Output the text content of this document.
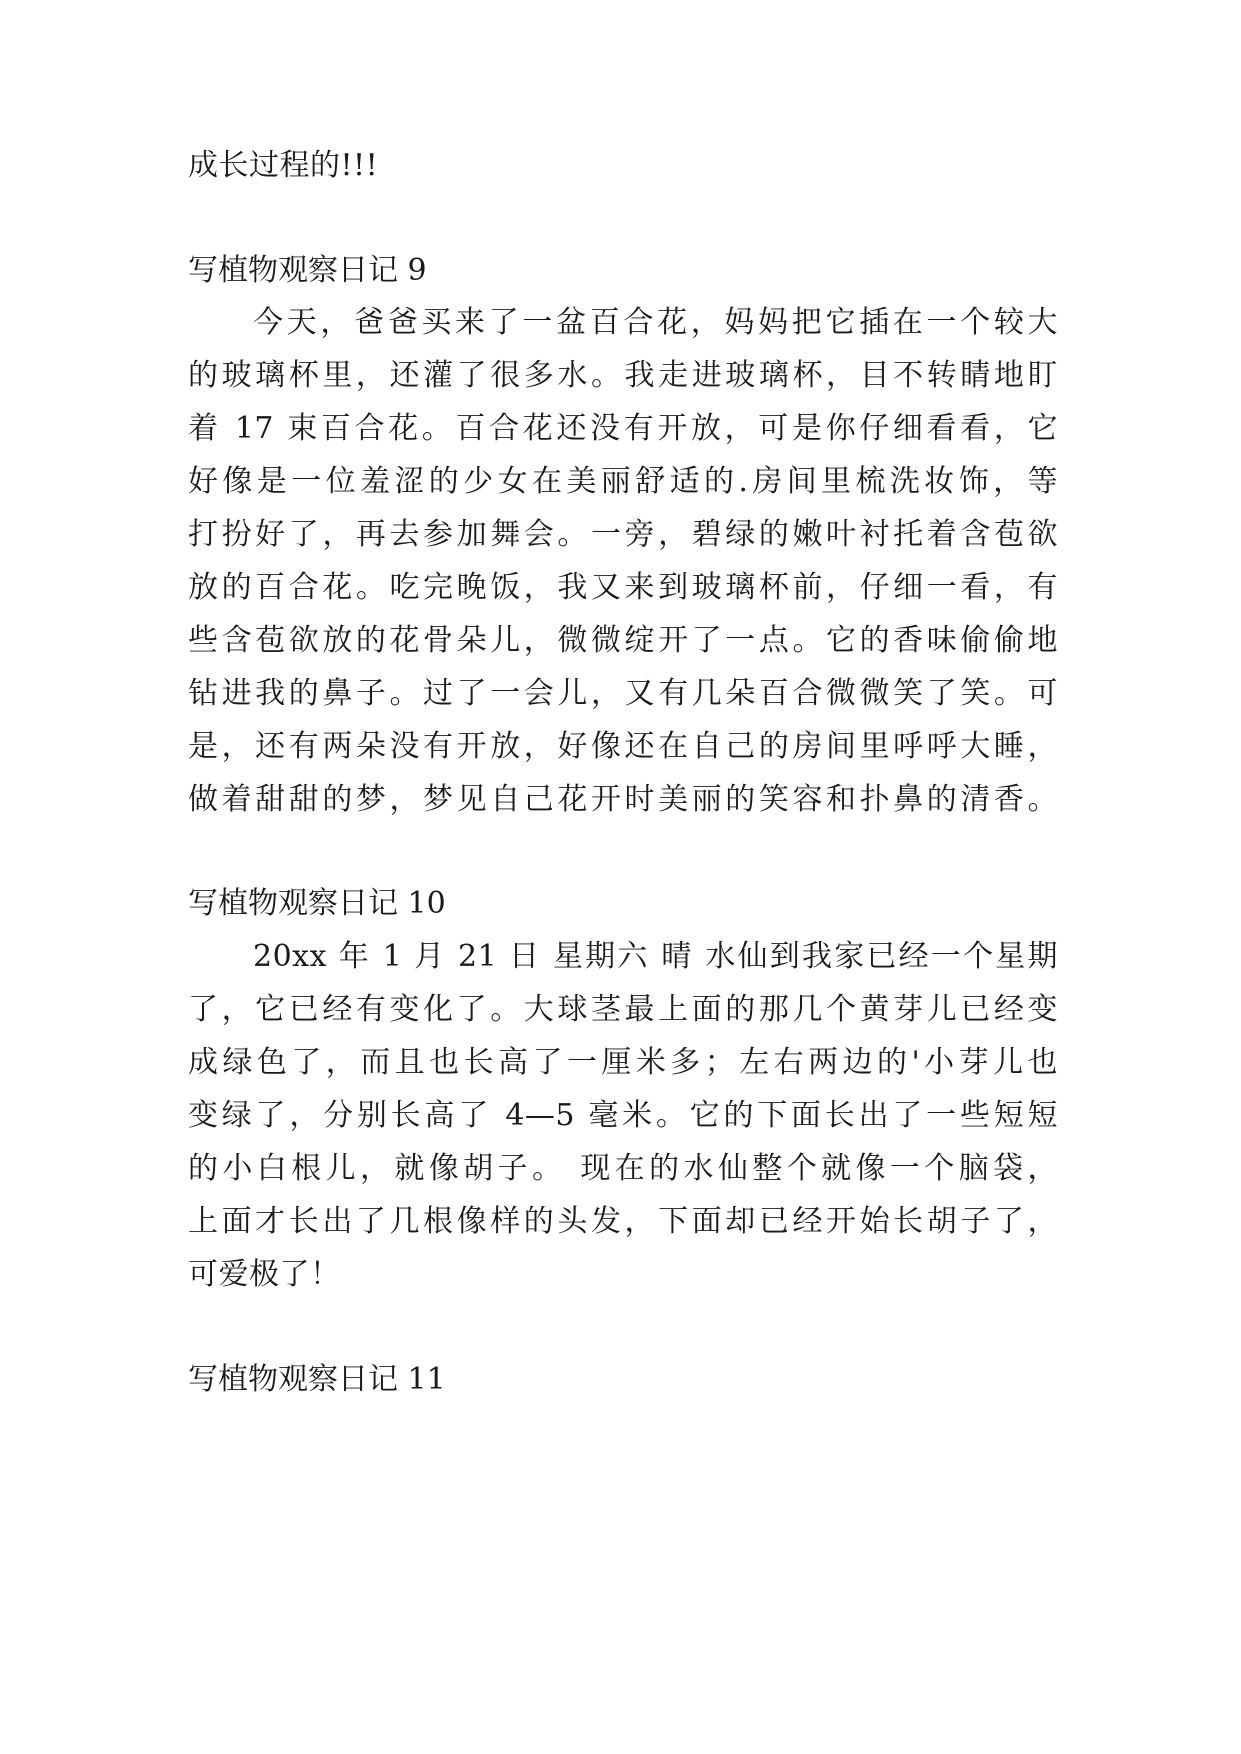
成长过程的!!!
写植物观察日记 9
今天，爸爸买来了一盆百合花，妈妈把它插在一个较大
的玻璃杯里，还灌了很多水。我走进玻璃杯，目不转睛地盯
着 17 束百合花。百合花还没有开放，可是你仔细看看，它
好像是一位羞涩的少女在美丽舒适的.房间里梳洗妆饰，等
打扮好了，再去参加舞会。一旁，碧绿的嫩叶衬托着含苞欲
放的百合花。吃完晚饭，我又来到玻璃杯前，仔细一看，有
些含苞欲放的花骨朵儿，微微绽开了一点。它的香味偷偷地
钻进我的鼻子。过了一会儿，又有几朵百合微微笑了笑。可
是，还有两朵没有开放，好像还在自己的房间里呼呼大睡，
做着甜甜的梦，梦见自己花开时美丽的笑容和扑鼻的清香。
写植物观察日记 10
20xx 年 1 月 21 日 星期六 晴 水仙到我家已经一个星期
了，它已经有变化了。大球茎最上面的那几个黄芽儿已经变
成绿色了，而且也长高了一厘米多；左右两边的'小芽儿也
变绿了，分别长高了 4—5 毫米。它的下面长出了一些短短
的小白根儿，就像胡子。 现在的水仙整个就像一个脑袋，
上面才长出了几根像样的头发，下面却已经开始长胡子了，
可爱极了！
写植物观察日记 11
